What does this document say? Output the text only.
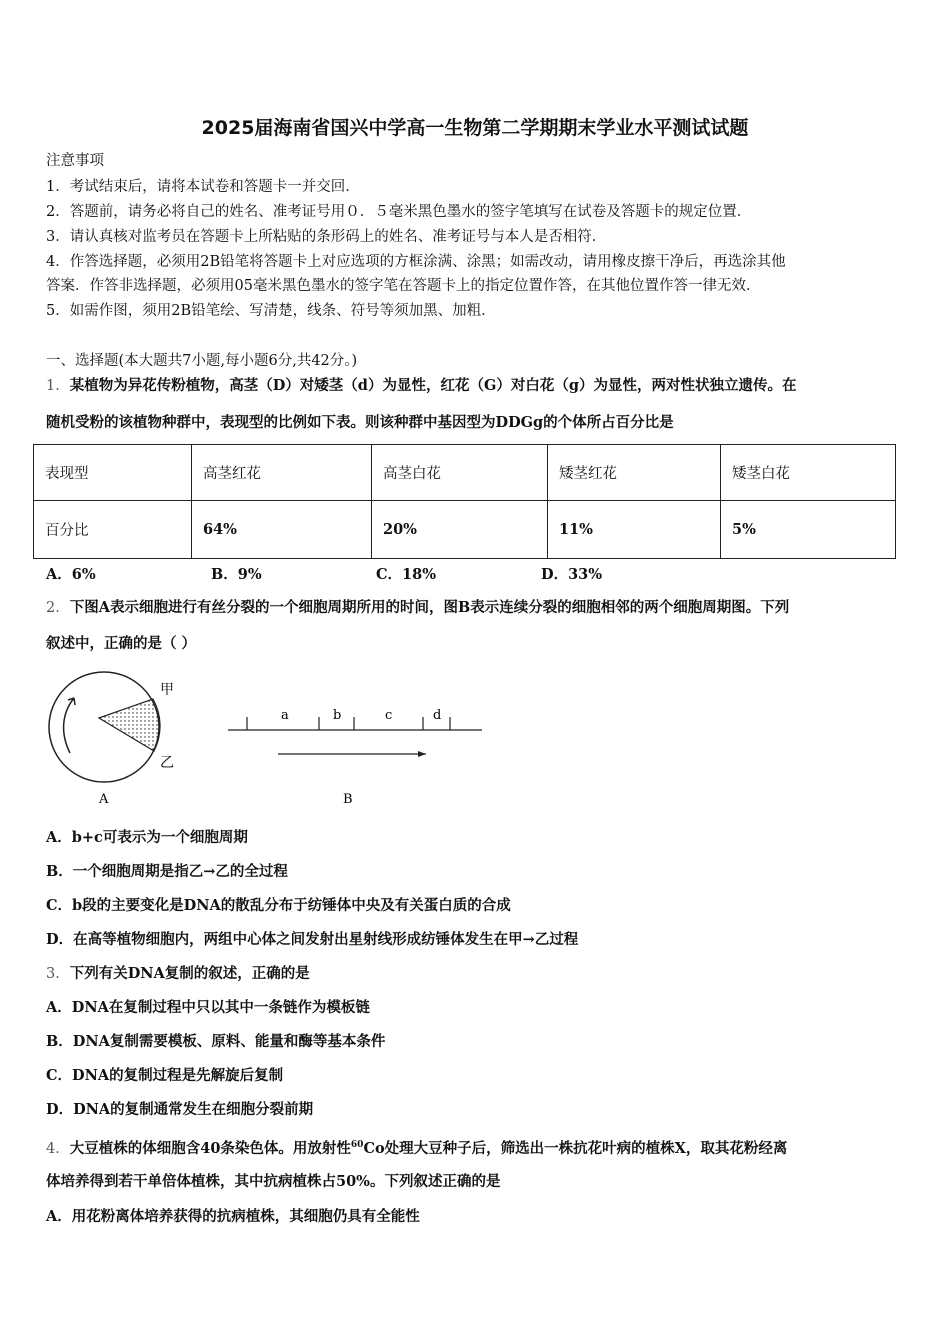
2025届海南省国兴中学高一生物第二学期期末学业水平测试试题
注意事项
1．考试结束后，请将本试卷和答题卡一并交回．
2．答题前，请务必将自己的姓名、准考证号用０．５毫米黑色墨水的签字笔填写在试卷及答题卡的规定位置．
3．请认真核对监考员在答题卡上所粘贴的条形码上的姓名、准考证号与本人是否相符．
4．作答选择题，必须用2B铅笔将答题卡上对应选项的方框涂满、涂黑；如需改动，请用橡皮擦干净后，再选涂其他
答案．作答非选择题，必须用05毫米黑色墨水的签字笔在答题卡上的指定位置作答，在其他位置作答一律无效．
5．如需作图，须用2B铅笔绘、写清楚，线条、符号等须加黑、加粗．
一、选择题(本大题共7小题,每小题6分,共42分。)
1．某植物为异花传粉植物，高茎（D）对矮茎（d）为显性，红花（G）对白花（g）为显性，两对性状独立遗传。在
随机受粉的该植物种群中，表现型的比例如下表。则该种群中基因型为DDGg的个体所占百分比是
表现型	高茎红花	高茎白花	矮茎红花	矮茎白花
百分比	64%	20%	11%	5%
A．6%	B．9%	C．18%	D．33%
2．下图A表示细胞进行有丝分裂的一个细胞周期所用的时间，图B表示连续分裂的细胞相邻的两个细胞周期图。下列
叙述中，正确的是（ ）
甲
乙
A
a	b	c	d
B
A．b+c可表示为一个细胞周期
B．一个细胞周期是指乙→乙的全过程
C．b段的主要变化是DNA的散乱分布于纺锤体中央及有关蛋白质的合成
D．在高等植物细胞内，两组中心体之间发射出星射线形成纺锤体发生在甲→乙过程
3．下列有关DNA复制的叙述，正确的是
A．DNA在复制过程中只以其中一条链作为模板链
B．DNA复制需要模板、原料、能量和酶等基本条件
C．DNA的复制过程是先解旋后复制
D．DNA的复制通常发生在细胞分裂前期
4．大豆植株的体细胞含40条染色体。用放射性$^{60}$Co处理大豆种子后，筛选出一株抗花叶病的植株X，取其花粉经离
体培养得到若干单倍体植株，其中抗病植株占50%。下列叙述正确的是
A．用花粉离体培养获得的抗病植株，其细胞仍具有全能性
